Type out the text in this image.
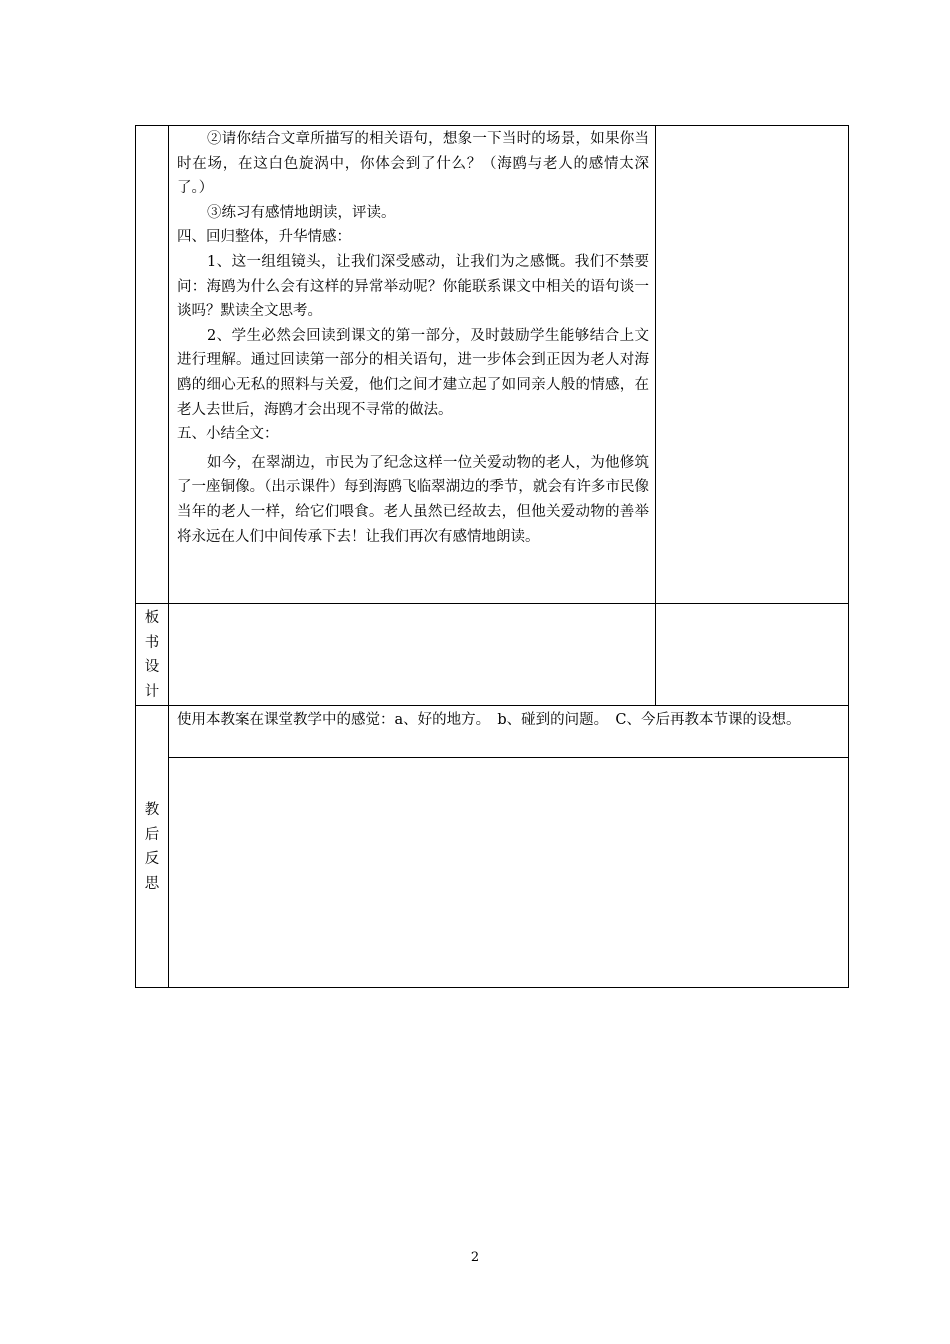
②请你结合文章所描写的相关语句，想象一下当时的场景，如果你当时在场，在这白色旋涡中，你体会到了什么？（海鸥与老人的感情太深了。）

③练习有感情地朗读，评读。

四、回归整体，升华情感：

1、这一组组镜头，让我们深受感动，让我们为之感慨。我们不禁要问：海鸥为什么会有这样的异常举动呢？你能联系课文中相关的语句谈一谈吗？默读全文思考。

2、学生必然会回读到课文的第一部分，及时鼓励学生能够结合上文进行理解。通过回读第一部分的相关语句，进一步体会到正因为老人对海鸥的细心无私的照料与关爱，他们之间才建立起了如同亲人般的情感，在老人去世后，海鸥才会出现不寻常的做法。

五、小结全文：

如今，在翠湖边，市民为了纪念这样一位关爱动物的老人，为他修筑了一座铜像。（出示课件）每到海鸥飞临翠湖边的季节，就会有许多市民像当年的老人一样，给它们喂食。老人虽然已经故去，但他关爱动物的善举将永远在人们中间传承下去！让我们再次有感情地朗读。

板
书
设
计
教
后
反
思
使用本教案在课堂教学中的感觉：a、好的地方。　b、碰到的问题。　C、今后再教本节课的设想。
2
